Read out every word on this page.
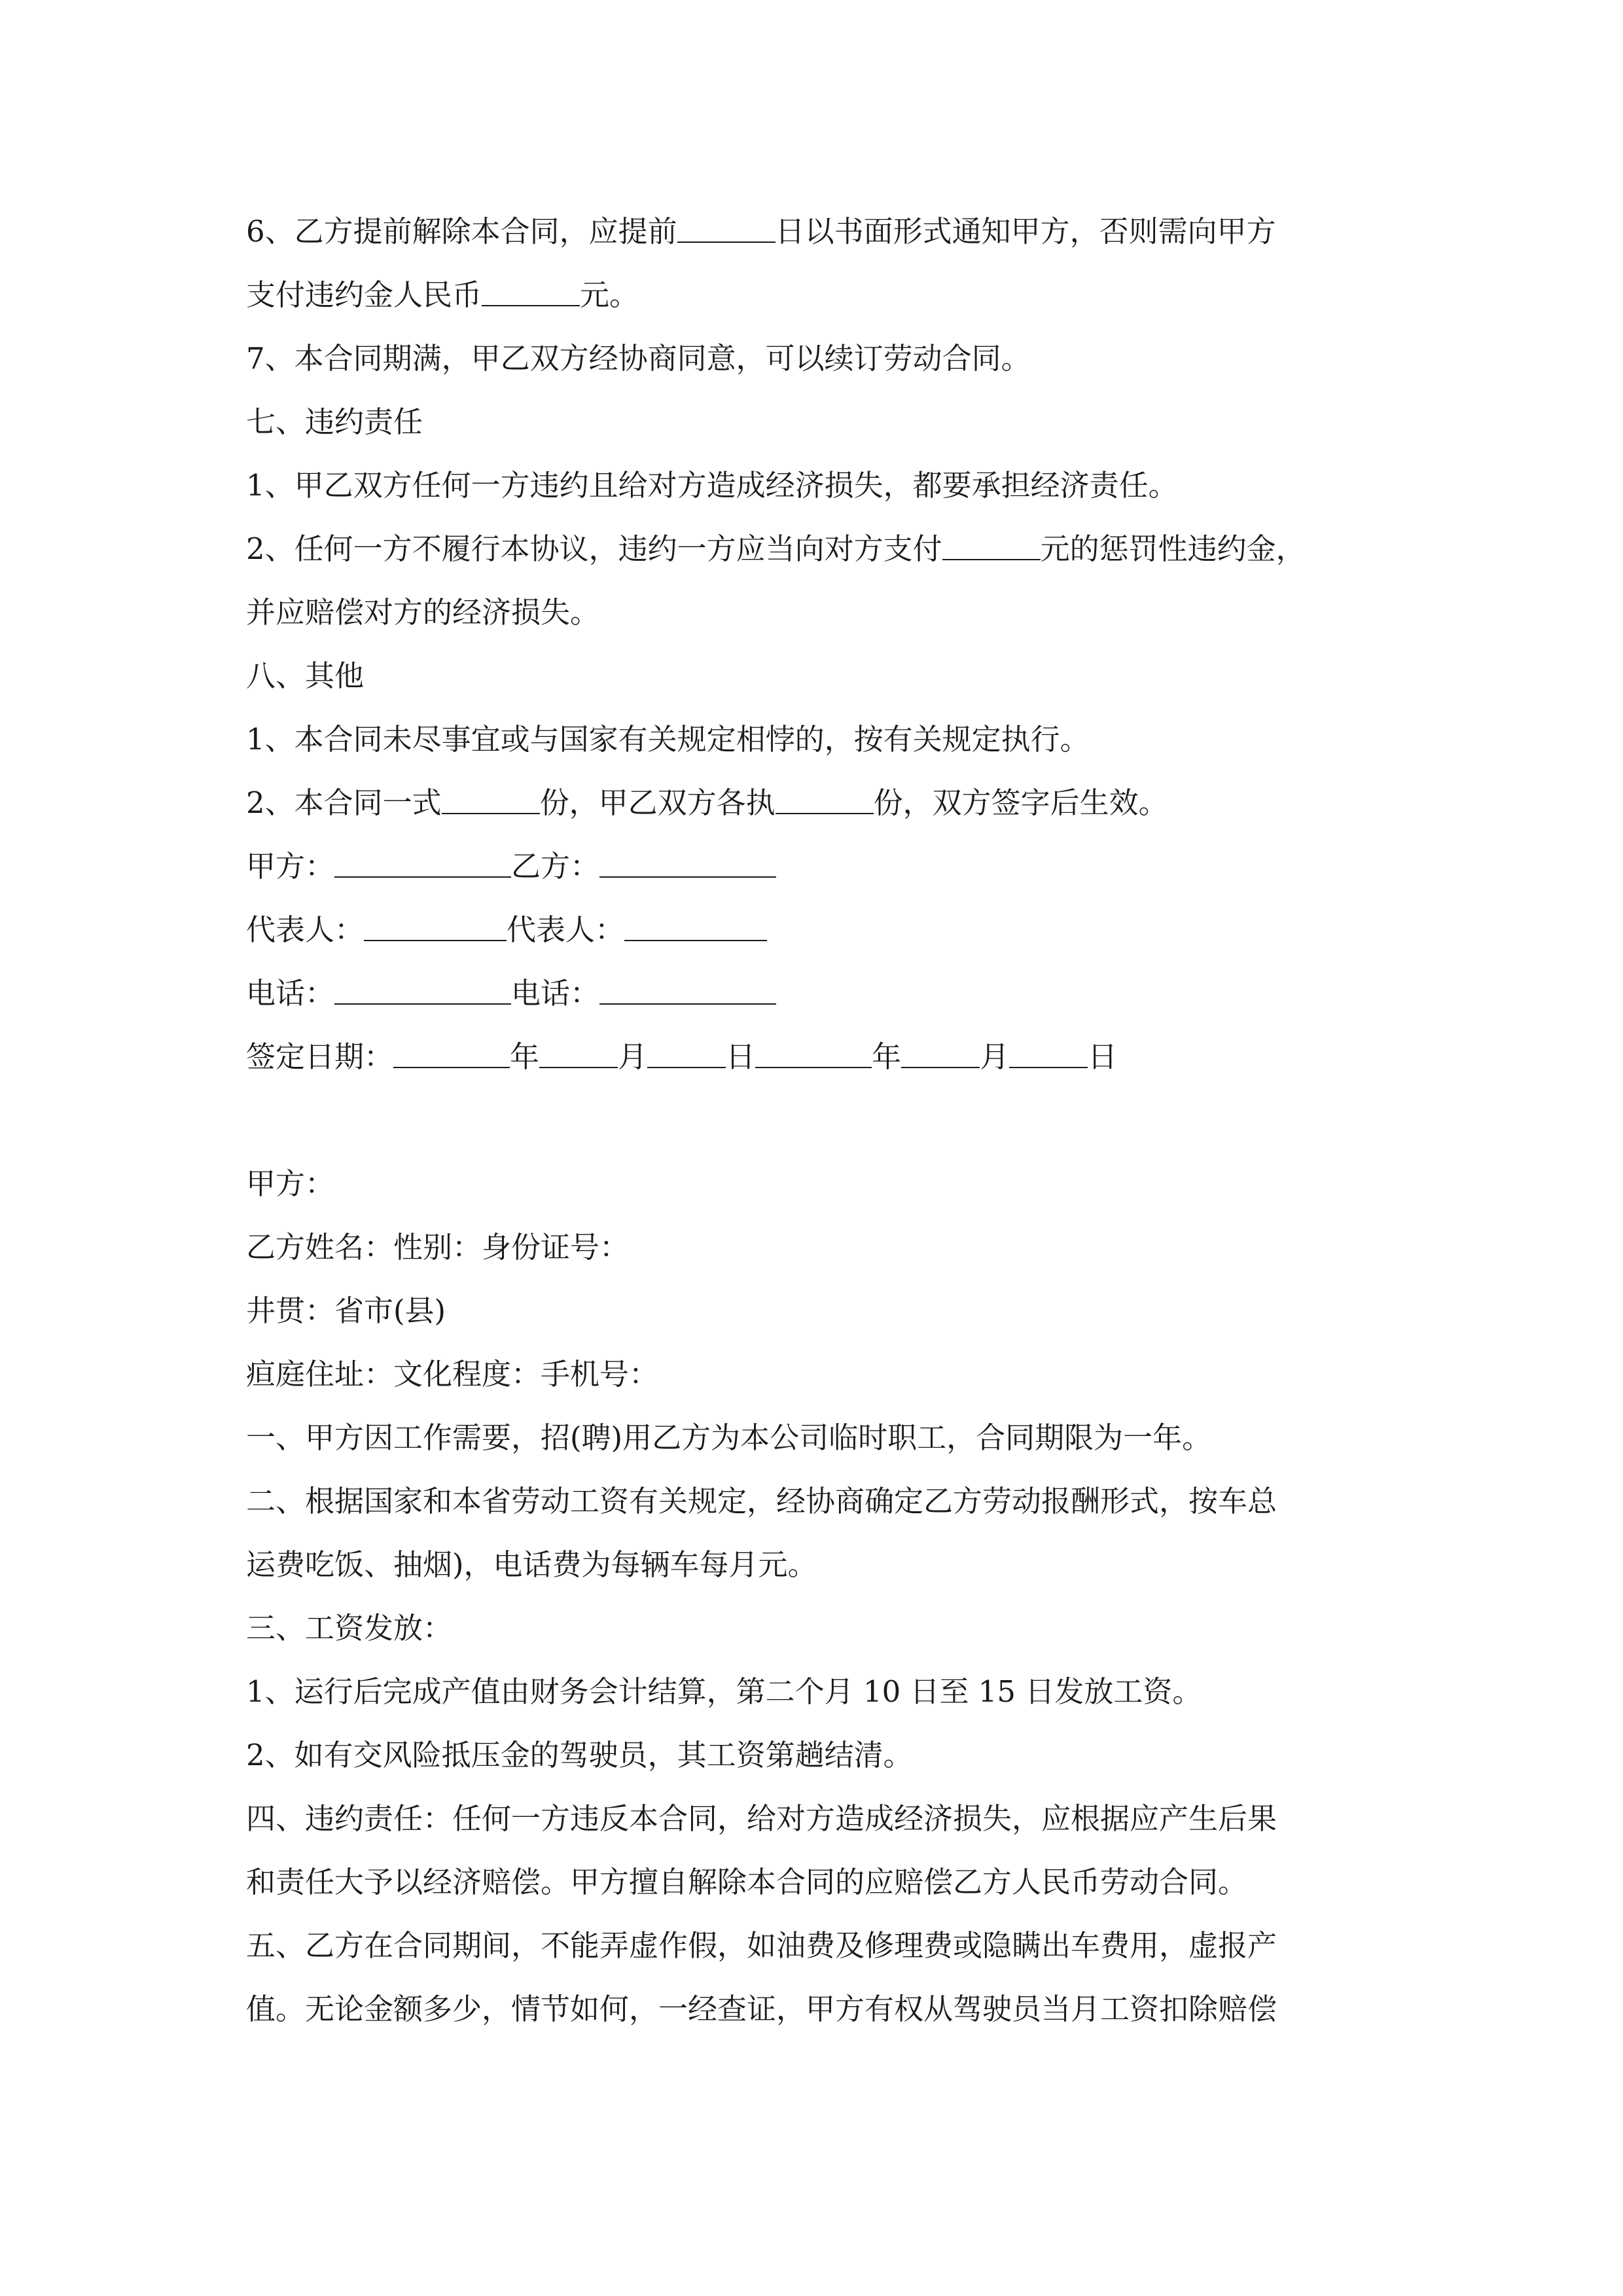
6、乙方提前解除本合同，应提前	日以书面形式通知甲方，否则需向甲方
支付违约金人民币	元。
7、本合同期满，甲乙双方经协商同意，可以续订劳动合同。
七、违约责任
1、甲乙双方任何一方违约且给对方造成经济损失，都要承担经济责任。
2、任何一方不履行本协议，违约一方应当向对方支付	元的惩罚性违约金，
并应赔偿对方的经济损失。
八、其他
1、本合同未尽事宜或与国家有关规定相悖的，按有关规定执行。
2、本合同一式	份，甲乙双方各执	份，双方签字后生效。
甲方：	乙方：
代表人：	代表人：
电话：	电话：
签定日期：	年	月	日	年	月	日
甲方：
乙方姓名：性别：身份证号：
井贯：省市(县)
疸庭住址：文化程度：手机号：
一、甲方因工作需要，招(聘)用乙方为本公司临时职工，合同期限为一年。
二、根据国家和本省劳动工资有关规定，经协商确定乙方劳动报酬形式，按车总
运费吃饭、抽烟)，电话费为每辆车每月元。
三、工资发放：
1、运行后完成产值由财务会计结算，第二个月 10 日至 15 日发放工资。
2、如有交风险抵压金的驾驶员，其工资第趟结清。
四、违约责任：任何一方违反本合同，给对方造成经济损失，应根据应产生后果
和责任大予以经济赔偿。甲方擅自解除本合同的应赔偿乙方人民币劳动合同。
五、乙方在合同期间，不能弄虚作假，如油费及修理费或隐瞒出车费用，虚报产
值。无论金额多少，情节如何，一经查证，甲方有权从驾驶员当月工资扣除赔偿
